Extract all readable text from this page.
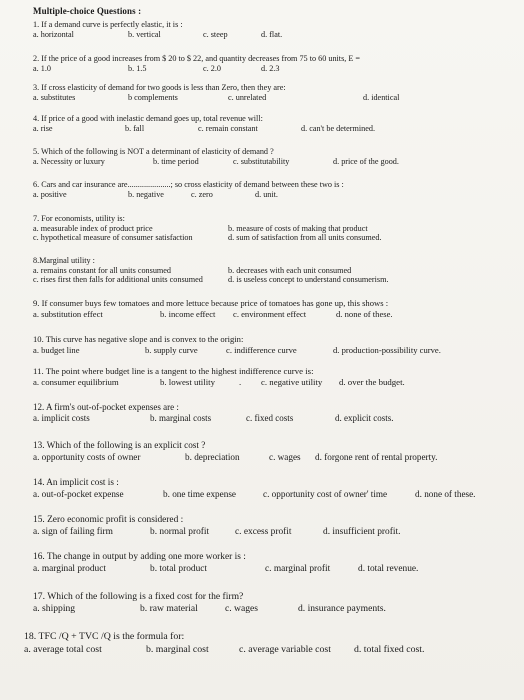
Multiple-choice Questions :
1. If a demand curve is perfectly elastic, it is :
a. horizontal	b. vertical	c. steep	d. flat.
2. If the price of a good increases from $ 20 to $ 22, and quantity decreases from 75 to 60 units, E =
a. 1.0	b. 1.5	c. 2.0	d. 2.3
3. If cross elasticity of demand for two goods is less than Zero, then they are:
a. substitutes	b complements	c. unrelated	d. identical
4. If price of a good with inelastic demand goes up, total revenue will:
a. rise	b. fall	c. remain constant	d. can't be determined.
5. Which of the following is NOT a determinant of elasticity of demand ?
a. Necessity or luxury	b. time period	c. substitutability	d. price of the good.
6. Cars and car insurance are.....................; so cross elasticity of demand between these two is :
a. positive	b. negative	c. zero	d. unit.
7. For economists, utility is:
a. measurable index of product price	b. measure of costs of making that product
c. hypothetical measure of consumer satisfaction	d. sum of satisfaction from all units consumed.
8.Marginal utility :
a. remains constant for all units consumed	b. decreases with each unit consumed
c. rises first then falls for additional units consumed	d. is useless concept to understand consumerism.
9. If consumer buys few tomatoes and more lettuce because price of tomatoes has gone up, this shows :
a. substitution effect	b. income effect c. environment effect	d. none of these.
10. This curve has negative slope and is convex to the origin:
a. budget line	b. supply curve	c. indifference curve	d. production-possibility curve.
11. The point where budget line is a tangent to the highest indifference curve is:
a. consumer equilibrium	b. lowest utility	. c. negative utility d. over the budget.
12. A firm's out-of-pocket expenses are :
a. implicit costs	b. marginal costs	c. fixed costs	d. explicit costs.
13. Which of the following is an explicit cost ?
a. opportunity costs of owner	b. depreciation	c. wages d. forgone rent of rental property.
14. An implicit cost is :
a. out-of-pocket expense	b. one time expense	c. opportunity cost of owner' time	d. none of these.
15. Zero economic profit is considered :
a. sign of failing firm	b. normal profit	c. excess profit	d. insufficient profit.
16. The change in output by adding one more worker is :
a. marginal product	b. total product	c. marginal profit	d. total revenue.
17. Which of the following is a fixed cost for the firm?
a. shipping	b. raw material	c. wages	d. insurance payments.
18. TFC /Q + TVC /Q is the formula for:
a. average total cost	b. marginal cost	c. average variable cost d. total fixed cost.
